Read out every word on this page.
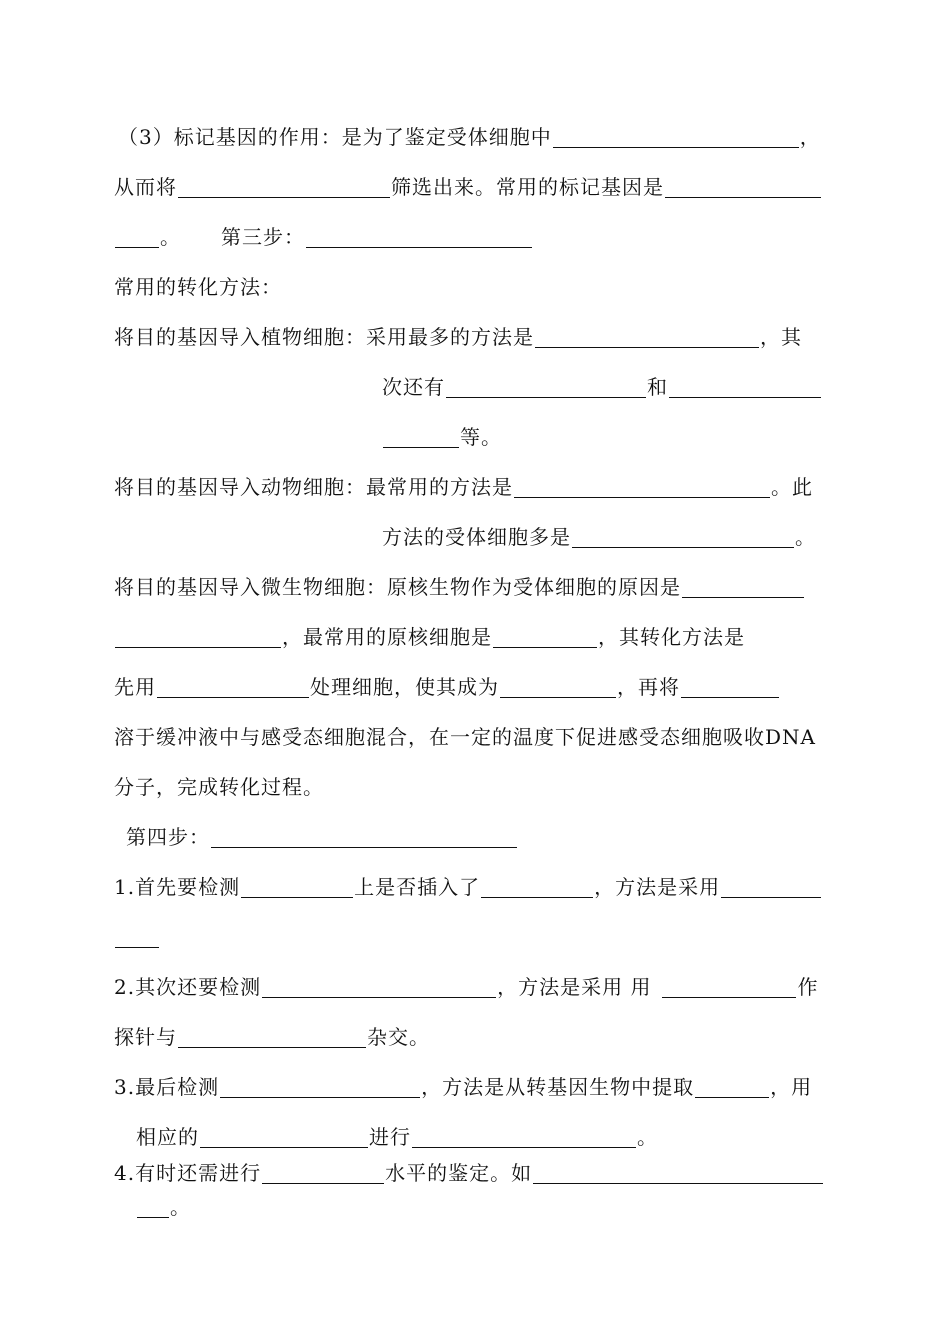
（3）标记基因的作用：是为了鉴定受体细胞中	，
从而将	筛选出来。常用的标记基因是
。 第三步：
常用的转化方法：
将目的基因导入植物细胞：采用最多的方法是	，其
次还有	和
等。
将目的基因导入动物细胞：最常用的方法是	。此
方法的受体细胞多是	。
将目的基因导入微生物细胞：原核生物作为受体细胞的原因是
，最常用的原核细胞是	，其转化方法是
先用	处理细胞，使其成为	，再将
溶于缓冲液中与感受态细胞混合，在一定的温度下促进感受态细胞吸收DNA
分子，完成转化过程。
第四步：
1.首先要检测	上是否插入了	，方法是采用
2.其次还要检测	，方法是采用 用	作
探针与	杂交。
3.最后检测	，方法是从转基因生物中提取	，用
相应的	进行	。
4.有时还需进行	水平的鉴定。如
。
